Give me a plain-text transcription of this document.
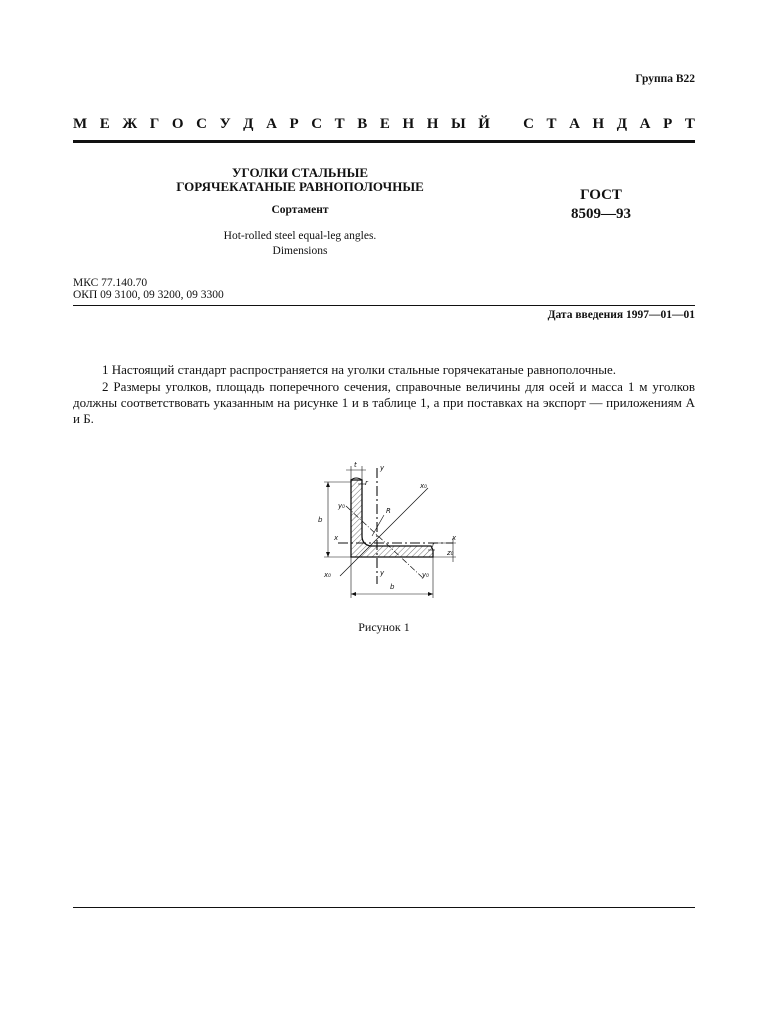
Группа В22
М Е Ж Г О С У Д А Р С Т В Е Н Н Ы Й С Т А Н Д А Р Т
УГОЛКИ СТАЛЬНЫЕ
ГОРЯЧЕКАТАНЫЕ РАВНОПОЛОЧНЫЕ
Сортамент
Hot-rolled steel equal-leg angles.
Dimensions
ГОСТ
8509—93
МКС 77.140.70
ОКП 09 3100, 09 3200, 09 3300
Дата введения 1997—01—01
1 Настоящий стандарт распространяется на уголки стальные горячекатаные равнополочные.
2 Размеры уголков, площадь поперечного сечения, справочные величины для осей и масса 1 м уголков должны соответствовать указанным на рисунке 1 и в таблице 1, а при поставках на экспорт — приложениям А и Б.
t	y
x₀
r
y₀
R
b
x	x
r
z₀
x₀	y	y₀
b
Рисунок 1
